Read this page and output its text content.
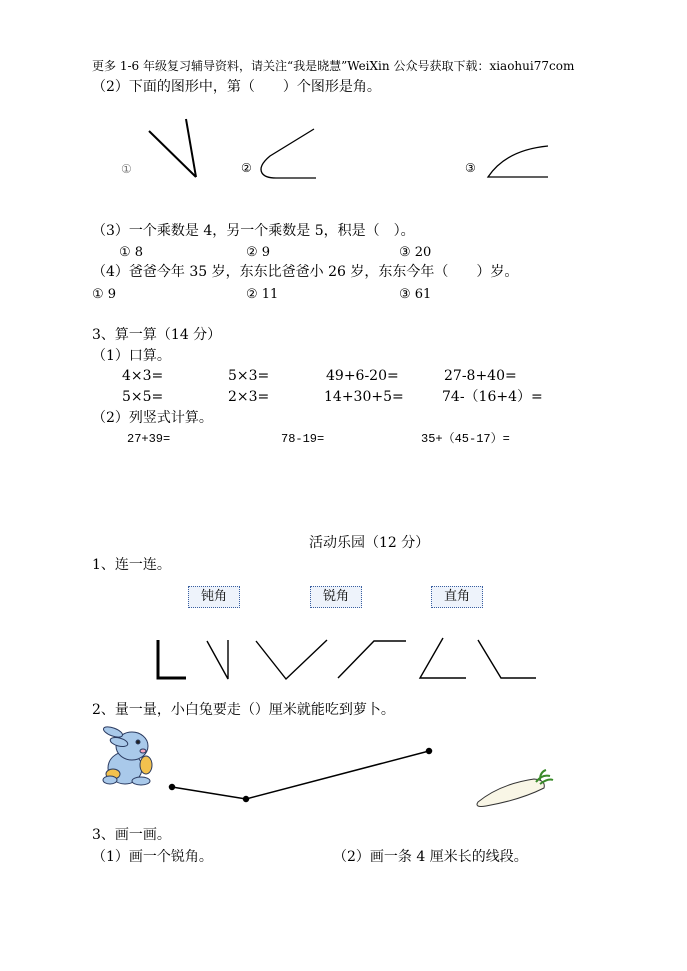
更多 1-6 年级复习辅导资料，请关注“我是晓慧”WeiXin 公众号获取下载：xiaohui77com
（2）下面的图形中，第（　　）个图形是角。
①	②	③
（3）一个乘数是 4，另一个乘数是 5，积是（　）。
① 8	② 9	③ 20
（4）爸爸今年 35 岁，东东比爸爸小 26 岁，东东今年（　　）岁。
① 9	② 11	③ 61
3、算一算（14 分）
（1）口算。
4×3=	5×3=	49+6-20=	27-8+40=
5×5=	2×3=	14+30+5=	74-（16+4）=
（2）列竖式计算。
27+39=	78-19=	35+（45-17）=
活动乐园（12 分）
1、连一连。
钝角	锐角	直角
2、量一量，小白兔要走（）厘米就能吃到萝卜。
3、画一画。
（1）画一个锐角。	（2）画一条 4 厘米长的线段。
